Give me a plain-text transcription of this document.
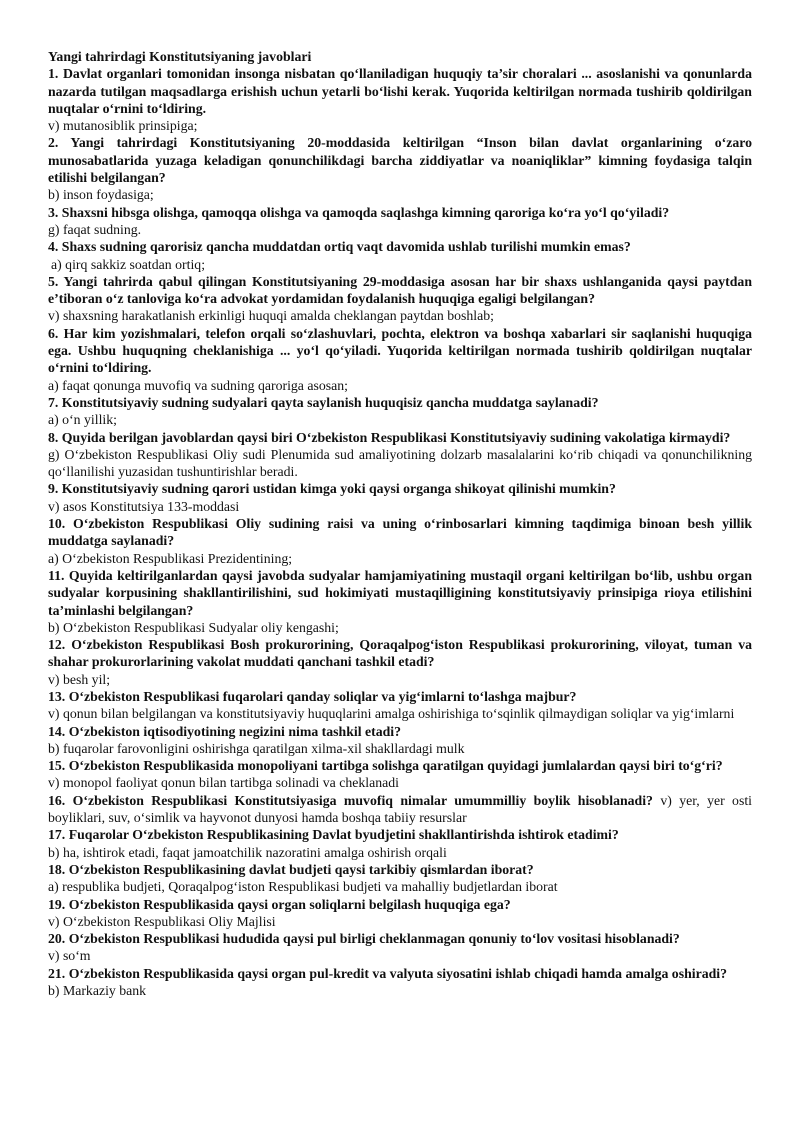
Yangi tahrirdagi Konstitutsiyaning javoblari
1. Davlat organlari tomonidan insonga nisbatan qo‘llaniladigan huquqiy ta’sir choralari ... asoslanishi va qonunlarda nazarda tutilgan maqsadlarga erishish uchun yetarli bo‘lishi kerak. Yuqorida keltirilgan normada tushirib qoldirilgan nuqtalar o‘rnini to‘ldiring.
v) mutanosiblik prinsipiga;
2. Yangi tahrirdagi Konstitutsiyaning 20-moddasida keltirilgan “Inson bilan davlat organlarining o‘zaro munosabatlarida yuzaga keladigan qonunchilikdagi barcha ziddiyatlar va noaniqliklar” kimning foydasiga talqin etilishi belgilangan?
b) inson foydasiga;
3. Shaxsni hibsga olishga, qamoqqa olishga va qamoqda saqlashga kimning qaroriga ko‘ra yo‘l qo‘yiladi?
g) faqat sudning.
4. Shaxs sudning qarorisiz qancha muddatdan ortiq vaqt davomida ushlab turilishi mumkin emas?
a) qirq sakkiz soatdan ortiq;
5. Yangi tahrirda qabul qilingan Konstitutsiyaning 29-moddasiga asosan har bir shaxs ushlanganida qaysi paytdan e’tiboran o‘z tanloviga ko‘ra advokat yordamidan foydalanish huquqiga egaligi belgilangan?
v) shaxsning harakatlanish erkinligi huquqi amalda cheklangan paytdan boshlab;
6. Har kim yozishmalari, telefon orqali so‘zlashuvlari, pochta, elektron va boshqa xabarlari sir saqlanishi huquqiga ega. Ushbu huquqning cheklanishiga ... yo‘l qo‘yiladi. Yuqorida keltirilgan normada tushirib qoldirilgan nuqtalar o‘rnini to‘ldiring.
a) faqat qonunga muvofiq va sudning qaroriga asosan;
7. Konstitutsiyaviy sudning sudyalari qayta saylanish huquqisiz qancha muddatga saylanadi?
a) o‘n yillik;
8. Quyida berilgan javoblardan qaysi biri O‘zbekiston Respublikasi Konstitutsiyaviy sudining vakolatiga kirmaydi?
g) O‘zbekiston Respublikasi Oliy sudi Plenumida sud amaliyotining dolzarb masalalarini ko‘rib chiqadi va qonunchilikning qo‘llanilishi yuzasidan tushuntirishlar beradi.
9. Konstitutsiyaviy sudning qarori ustidan kimga yoki qaysi organga shikoyat qilinishi mumkin?
v) asos Konstitutsiya 133-moddasi
10. O‘zbekiston Respublikasi Oliy sudining raisi va uning o‘rinbosarlari kimning taqdimiga binoan besh yillik muddatga saylanadi?
a) O‘zbekiston Respublikasi Prezidentining;
11. Quyida keltirilganlardan qaysi javobda sudyalar hamjamiyatining mustaqil organi keltirilgan bo‘lib, ushbu organ sudyalar korpusining shakllantirilishini, sud hokimiyati mustaqilligining konstitutsiyaviy prinsipiga rioya etilishini ta’minlashi belgilangan?
b) O‘zbekiston Respublikasi Sudyalar oliy kengashi;
12. O‘zbekiston Respublikasi Bosh prokurorining, Qoraqalpog‘iston Respublikasi prokurorining, viloyat, tuman va shahar prokurorlarining vakolat muddati qanchani tashkil etadi?
v) besh yil;
13. O‘zbekiston Respublikasi fuqarolari qanday soliqlar va yig‘imlarni to‘lashga majbur?
v) qonun bilan belgilangan va konstitutsiyaviy huquqlarini amalga oshirishiga to‘sqinlik qilmaydigan soliqlar va yig‘imlarni
14. O‘zbekiston iqtisodiyotining negizini nima tashkil etadi?
b) fuqarolar farovonligini oshirishga qaratilgan xilma-xil shakllardagi mulk
15. O‘zbekiston Respublikasida monopoliyani tartibga solishga qaratilgan quyidagi jumlalardan qaysi biri to‘g‘ri?
v) monopol faoliyat qonun bilan tartibga solinadi va cheklanadi
16. O‘zbekiston Respublikasi Konstitutsiyasiga muvofiq nimalar umummilliy boylik hisoblanadi? v) yer, yer osti boyliklari, suv, o‘simlik va hayvonot dunyosi hamda boshqa tabiiy resurslar
17. Fuqarolar O‘zbekiston Respublikasining Davlat byudjetini shakllantirishda ishtirok etadimi?
b) ha, ishtirok etadi, faqat jamoatchilik nazoratini amalga oshirish orqali
18. O‘zbekiston Respublikasining davlat budjeti qaysi tarkibiy qismlardan iborat?
a) respublika budjeti, Qoraqalpog‘iston Respublikasi budjeti va mahalliy budjetlardan iborat
19. O‘zbekiston Respublikasida qaysi organ soliqlarni belgilash huquqiga ega?
v) O‘zbekiston Respublikasi Oliy Majlisi
20. O‘zbekiston Respublikasi hududida qaysi pul birligi cheklanmagan qonuniy to‘lov vositasi hisoblanadi?
v) so‘m
21. O‘zbekiston Respublikasida qaysi organ pul-kredit va valyuta siyosatini ishlab chiqadi hamda amalga oshiradi?
b) Markaziy bank
